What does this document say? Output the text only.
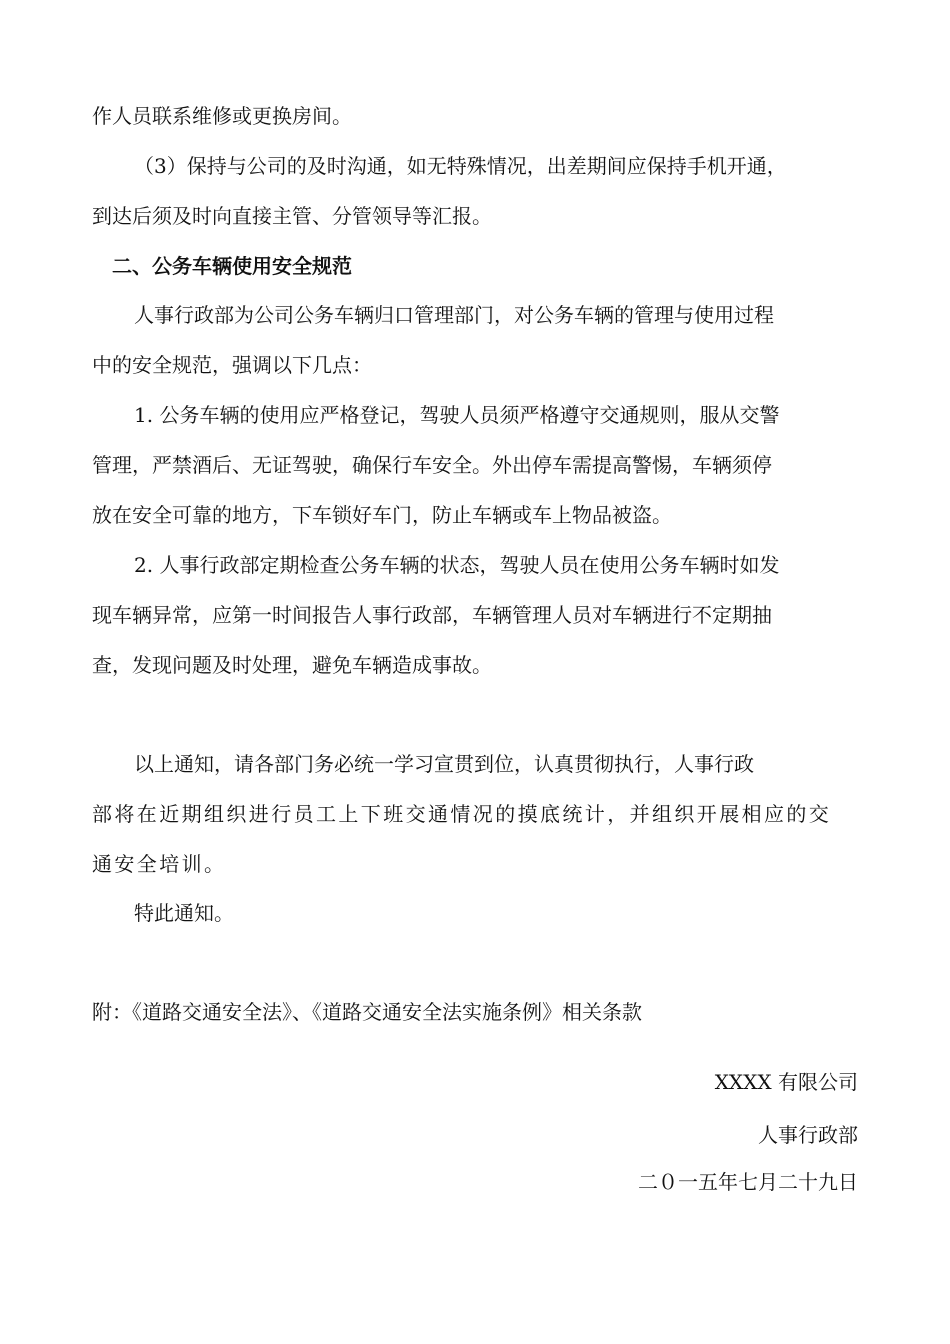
作人员联系维修或更换房间。
（3）保持与公司的及时沟通，如无特殊情况，出差期间应保持手机开通，
到达后须及时向直接主管、分管领导等汇报。
二、公务车辆使用安全规范
人事行政部为公司公务车辆归口管理部门，对公务车辆的管理与使用过程
中的安全规范，强调以下几点：
1. 公务车辆的使用应严格登记，驾驶人员须严格遵守交通规则，服从交警
管理，严禁酒后、无证驾驶，确保行车安全。外出停车需提高警惕，车辆须停
放在安全可靠的地方，下车锁好车门，防止车辆或车上物品被盗。
2. 人事行政部定期检查公务车辆的状态，驾驶人员在使用公务车辆时如发
现车辆异常，应第一时间报告人事行政部，车辆管理人员对车辆进行不定期抽
查，发现问题及时处理，避免车辆造成事故。
以上通知，请各部门务必统一学习宣贯到位，认真贯彻执行，人事行政
部将在近期组织进行员工上下班交通情况的摸底统计，并组织开展相应的交
通安全培训。
特此通知。
附：《道路交通安全法》、《道路交通安全法实施条例》相关条款
XXXX 有限公司
人事行政部
二０一五年七月二十九日
